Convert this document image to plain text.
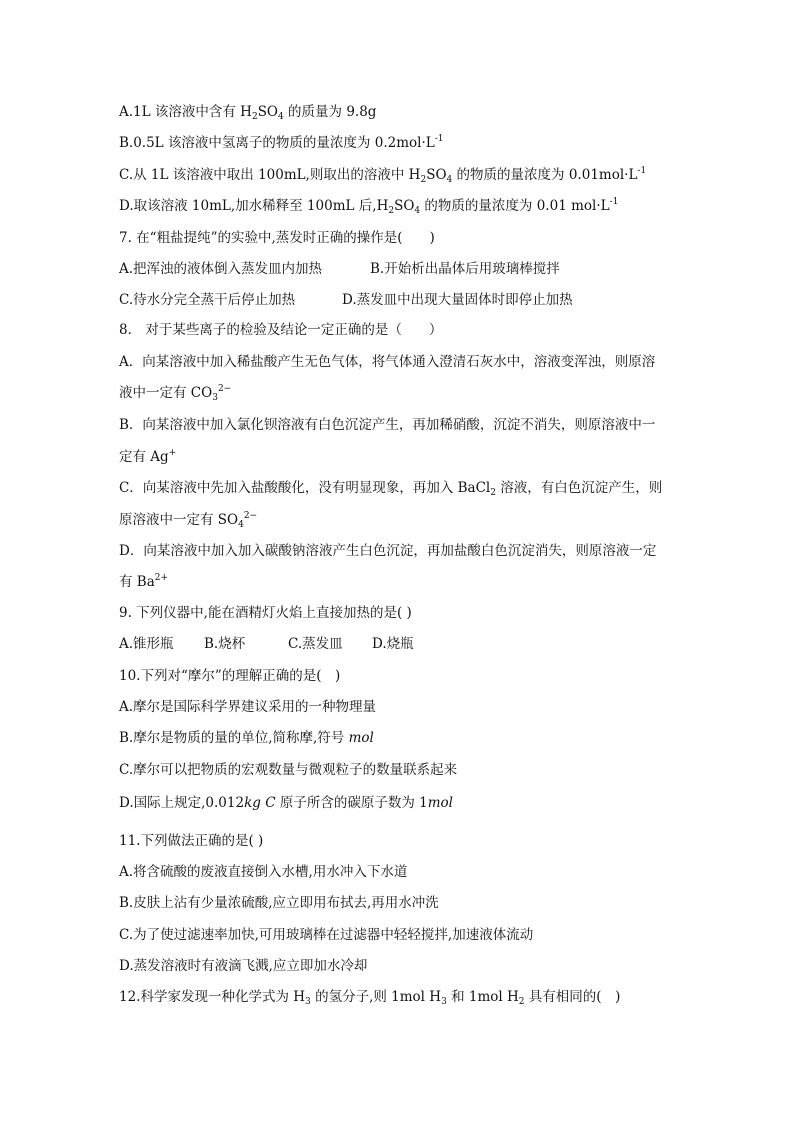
A.1L 该溶液中含有 $H_2SO_4$ 的质量为 9.8g
B.0.5L 该溶液中氢离子的物质的量浓度为 $0.2mol\cdot L^{-1}$
C.从 1L 该溶液中取出 100mL,则取出的溶液中 $H_2SO_4$ 的物质的量浓度为 $0.01mol\cdot L^{-1}$
D.取该溶液 10mL,加水稀释至 100mL 后$,H_2SO_4$ 的物质的量浓度为 0.01 $mol\cdot L^{-1}$
7. 在“粗盐提纯”的实验中,蒸发时正确的操作是(　　)
A.把浑浊的液体倒入蒸发皿内加热	B.开始析出晶体后用玻璃棒搅拌
C.待水分完全蒸干后停止加热	D.蒸发皿中出现大量固体时即停止加热
8． 对于某些离子的检验及结论一定正确的是（　　）
A．向某溶液中加入稀盐酸产生无色气体，将气体通入澄清石灰水中，溶液变浑浊，则原溶
液中一定有 $CO_3^{2-}$
B．向某溶液中加入氯化钡溶液有白色沉淀产生，再加稀硝酸，沉淀不消失，则原溶液中一
定有 Ag+
C．向某溶液中先加入盐酸酸化，没有明显现象，再加入 BaCl$_2$ 溶液，有白色沉淀产生，则
原溶液中一定有 $SO_4^{2-}$
D．向某溶液中加入加入碳酸钠溶液产生白色沉淀，再加盐酸白色沉淀消失，则原溶液一定
有 $Ba^{2+}$
9. 下列仪器中,能在酒精灯火焰上直接加热的是( )
A.锥形瓶 B.烧杯	C.蒸发皿 D.烧瓶
10.下列对“摩尔”的理解正确的是(　)
A.摩尔是国际科学界建议采用的一种物理量
B.摩尔是物质的量的单位,简称摩,符号 mol
C.摩尔可以把物质的宏观数量与微观粒子的数量联系起来
D.国际上规定,0.012kg C 原子所含的碳原子数为 1mol
11.下列做法正确的是( )
A.将含硫酸的废液直接倒入水槽,用水冲入下水道
B.皮肤上沾有少量浓硫酸,应立即用布拭去,再用水冲洗
C.为了使过滤速率加快,可用玻璃棒在过滤器中轻轻搅拌,加速液体流动
D.蒸发溶液时有液滴飞溅,应立即加水冷却
12.科学家发现一种化学式为 $H_3$ 的氢分子,则 1mol $H_3$ 和 1mol $H_2$ 具有相同的(　)
